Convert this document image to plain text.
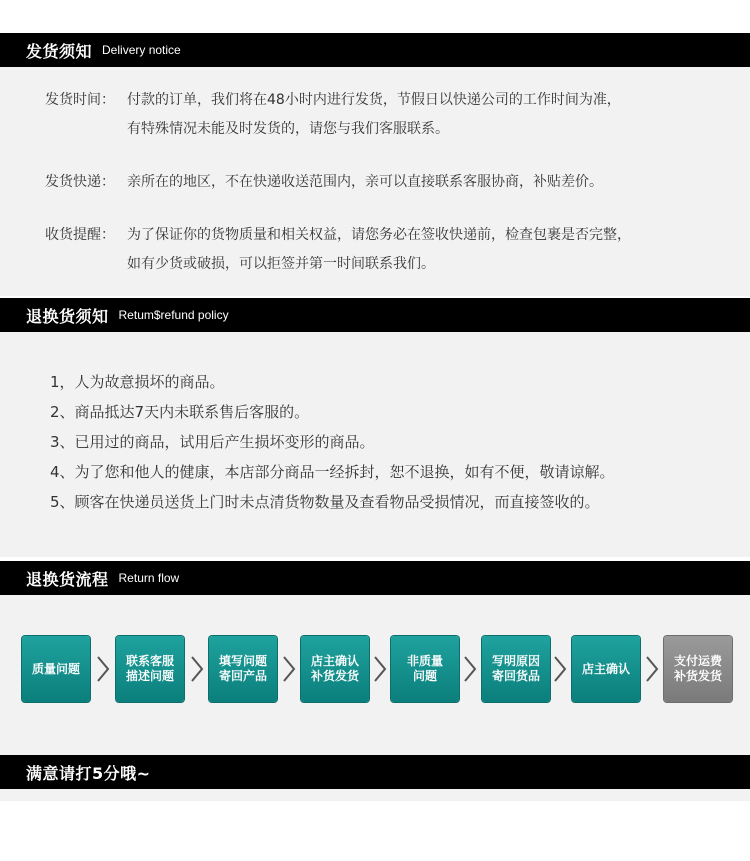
发货须知 Delivery notice
发货时间： 付款的订单，我们将在48小时内进行发货，节假日以快递公司的工作时间为准，
有特殊情况未能及时发货的，请您与我们客服联系。
发货快递： 亲所在的地区，不在快递收送范围内，亲可以直接联系客服协商，补贴差价。
收货提醒： 为了保证你的货物质量和相关权益，请您务必在签收快递前，检查包裹是否完整，
如有少货或破损，可以拒签并第一时间联系我们。
退换货须知 Retum$refund policy
1，人为故意损坏的商品。
2、商品抵达7天内未联系售后客服的。
3、已用过的商品，试用后产生损坏变形的商品。
4、为了您和他人的健康，本店部分商品一经拆封，恕不退换，如有不便，敬请谅解。
5、顾客在快递员送货上门时未点清货物数量及查看物品受损情况，而直接签收的。
退换货流程 Return flow
质量问题

联系客服
描述问题
填写问题
寄回产品
店主确认
补货发货
非质量
问题
写明原因
寄回货品
店主确认

支付运费
补货发货
满意请打5分哦~
